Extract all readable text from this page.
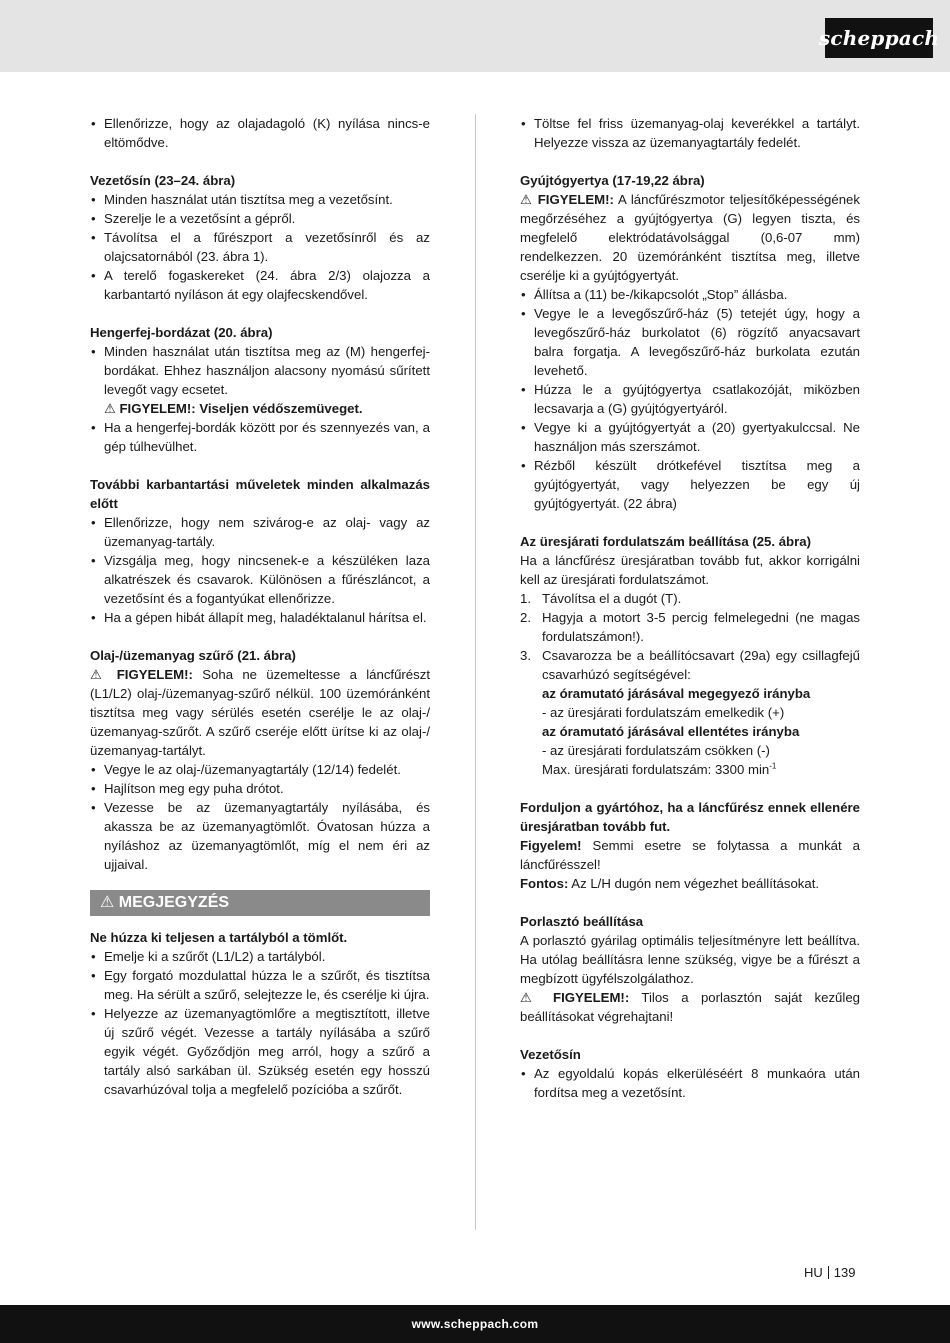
scheppach
• Ellenőrizze, hogy az olajadagoló (K) nyílása nincs-e eltömődve.

Vezetősín (23–24. ábra)

• Minden használat után tisztítsa meg a vezetősínt.
• Szerelje le a vezetősínt a gépről.
• Távolítsa el a fűrészport a vezetősínről és az olajcsatornából (23. ábra 1).
• A terelő fogaskereket (24. ábra 2/3) olajozza a karbantartó nyíláson át egy olajfecskendővel.

Hengerfej-bordázat (20. ábra)

• Minden használat után tisztítsa meg az (M) hengerfej-bordákat. Ehhez használjon alacsony nyomású sűrített levegőt vagy ecsetet.
⚠ FIGYELEM!: Viseljen védőszemüveget.
• Ha a hengerfej-bordák között por és szennyezés van, a gép túlhevülhet.

További karbantartási műveletek minden alkalmazás előtt

• Ellenőrizze, hogy nem szivárog-e az olaj- vagy az üzemanyag-tartály.
• Vizsgálja meg, hogy nincsenek-e a készüléken laza alkatrészek és csavarok. Különösen a fűrészláncot, a vezetősínt és a fogantyúkat ellenőrizze.
• Ha a gépen hibát állapít meg, haladéktalanul hárítsa el.

Olaj-/üzemanyag szűrő (21. ábra)

⚠ FIGYELEM!: Soha ne üzemeltesse a láncfűrészt (L1/L2) olaj-/üzemanyag-szűrő nélkül. 100 üzemóránként tisztítsa meg vagy sérülés esetén cserélje le az olaj-/üzemanyag-szűrőt. A szűrő cseréje előtt ürítse ki az olaj-/üzemanyag-tartályt.

• Vegye le az olaj-/üzemanyagtartály (12/14) fedelét.
• Hajlítson meg egy puha drótot.
• Vezesse be az üzemanyagtartály nyílásába, és akassza be az üzemanyagtömlőt. Óvatosan húzza a nyíláshoz az üzemanyagtömlőt, míg el nem éri az ujjaival.
⚠ MEGJEGYZÉS

Ne húzza ki teljesen a tartályból a tömlőt.

• Emelje ki a szűrőt (L1/L2) a tartályból.
• Egy forgató mozdulattal húzza le a szűrőt, és tisztítsa meg. Ha sérült a szűrő, selejtezze le, és cserélje ki újra.
• Helyezze az üzemanyagtömlőre a megtisztított, illetve új szűrő végét. Vezesse a tartály nyílásába a szűrő egyik végét. Győződjön meg arról, hogy a szűrő a tartály alsó sarkában ül. Szükség esetén egy hosszú csavarhúzóval tolja a megfelelő pozícióba a szűrőt.
• Töltse fel friss üzemanyag-olaj keverékkel a tartályt. Helyezze vissza az üzemanyagtartály fedelét.

Gyújtógyertya (17-19,22 ábra)

⚠ FIGYELEM!: A láncfűrészmotor teljesítőképességének megőrzéséhez a gyújtógyertya (G) legyen tiszta, és megfelelő elektródatávolsággal (0,6-07 mm) rendelkezzen. 20 üzemóránként tisztítsa meg, illetve cserélje ki a gyújtógyertyát.

• Állítsa a (11) be-/kikapcsolót „Stop” állásba.
• Vegye le a levegőszűrő-ház (5) tetejét úgy, hogy a levegőszűrő-ház burkolatot (6) rögzítő anyacsavart balra forgatja. A levegőszűrő-ház burkolata ezután levehető.
• Húzza le a gyújtógyertya csatlakozóját, miközben lecsavarja a (G) gyújtógyertyáról.
• Vegye ki a gyújtógyertyát a (20) gyertyakulccsal. Ne használjon más szerszámot.
• Rézből készült drótkefével tisztítsa meg a gyújtógyertyát, vagy helyezzen be egy új gyújtógyertyát. (22 ábra)

Az üresjárati fordulatszám beállítása (25. ábra)

Ha a láncfűrész üresjáratban tovább fut, akkor korrigálni kell az üresjárati fordulatszámot.

1. Távolítsa el a dugót (T).
2. Hagyja a motort 3-5 percig felmelegedni (ne magas fordulatszámon!).
3. Csavarozza be a beállítócsavart (29a) egy csillagfejű csavarhúzó segítségével:
az óramutató járásával megegyező irányba
- az üresjárati fordulatszám emelkedik (+)
az óramutató járásával ellentétes irányba
- az üresjárati fordulatszám csökken (-)
Max. üresjárati fordulatszám: 3300 $\min^{-1}$

Forduljon a gyártóhoz, ha a láncfűrész ennek ellenére üresjáratban tovább fut.

Figyelem! Semmi esetre se folytassa a munkát a láncfűrésszel!

Fontos: Az L/H dugón nem végezhet beállításokat.

Porlasztó beállítása

A porlasztó gyárilag optimális teljesítményre lett beállítva. Ha utólag beállításra lenne szükség, vigye be a fűrészt a megbízott ügyfélszolgálathoz.

⚠ FIGYELEM!: Tilos a porlasztón saját kezűleg beállításokat végrehajtani!

Vezetősín

• Az egyoldalú kopás elkerüléséért 8 munkaóra után fordítsa meg a vezetősínt.
HU 139
www.scheppach.com
